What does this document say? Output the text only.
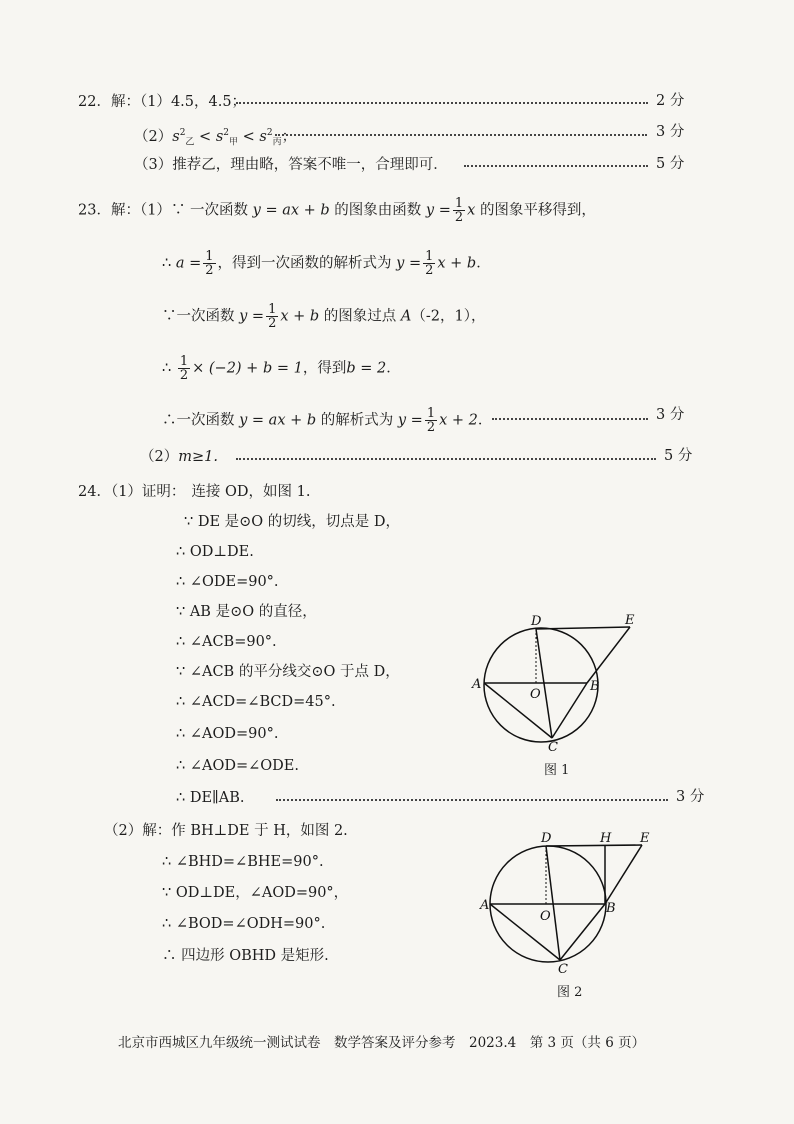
22．解：（1）4.5，4.5；	2 分
$(2)s^2_乙 < s^2_甲 < s^2_丙$；	3 分
（3）推荐乙，理由略，答案不唯一，合理即可．	5 分
23．解：（1）∵ 一次函数 y = ax + b 的图象由函数 $y = \frac{1}{2}$ x 的图象平移得到，
∴ $a = \frac{1}{2}$ ，得到一次函数的解析式为 $y = \frac{1}{2}$ x + b．
∵一次函数 $y = \frac{1}{2}$ x + b 的图象过点 A（-2，1），
∴ $\frac{1}{2} \times (-2) + b = 1$，得到b = 2．
∴一次函数 y = ax + b 的解析式为 $y = \frac{1}{2}$ x + 2．	3 分
（2）m≥1.	5 分
24．（1）证明： 连接 OD，如图 1.
∵ DE 是⊙O 的切线，切点是 D，
∴ OD⊥DE.
∴ ∠ODE=90°.
∵ AB 是⊙O 的直径，
∴ ∠ACB=90°.
∵ ∠ACB 的平分线交⊙O 于点 D，
∴ ∠ACD=∠BCD=45°.
∴ ∠AOD=90°.
∴ ∠AOD=∠ODE.
∴ DE∥AB.	3 分
（2）解：作 BH⊥DE 于 H，如图 2.
∴ ∠BHD=∠BHE=90°.
∵ OD⊥DE，∠AOD=90°，
∴ ∠BOD=∠ODH=90°.
∴ 四边形 OBHD 是矩形.
D	E
A
O
B
C
图 1
D	H E
A
O
B
C
图 2
北京市西城区九年级统一测试试卷　数学答案及评分参考　2023.4　第 3 页（共 6 页）
